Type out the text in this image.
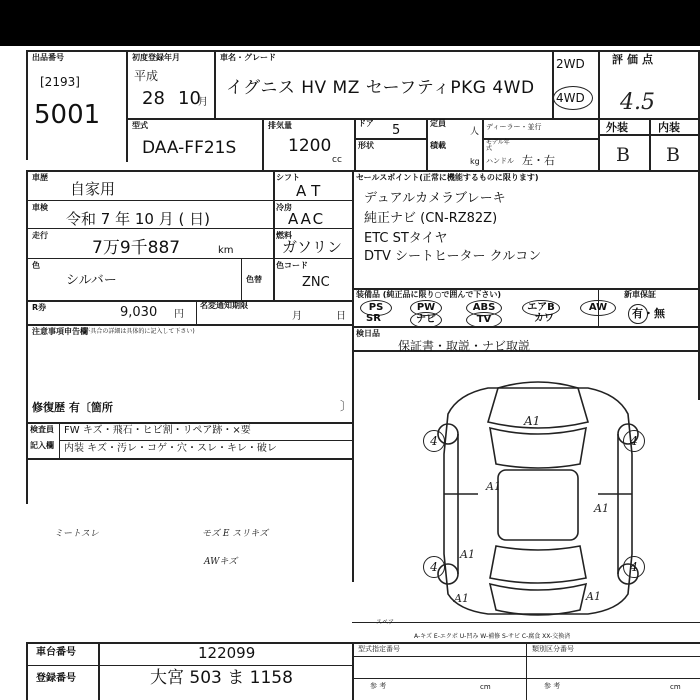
出品番号
[2193]
5001
初度登録年月
平成
28 10
月
車名・グレード
イグニス HV MZ セーフティPKG 4WD
2WD
4WD
評価点
4.5
型式
DAA-FF21S
排気量
1200
cc
ドア 5
形状
定員
人
積載
kg
ディーラー・並行
モデル年式
ハンドル 左・右
外装	内装
B B
車歴
自家用
車検
令和 7 年 10 月 ( 日)
走行
7万9千887	km
色
シルバー	色替
シフト
AT
冷房
AAC
燃料
ガソリン
色コード
ZNC
R券	9,030 円
名変通知期限
月	日
注意事項申告欄
(不具合の詳細は具体的に記入して下さい)
修復歴 有〔箇所	〕
検査員
記入欄
FW キズ・飛石・ヒビ割・リペア跡・×要
内装 キズ・汚レ・コゲ・穴・スレ・キレ・破レ
ミートスレ	モズ E スリキズ
AWキズ
セールスポイント(正常に機能するものに限ります)
デュアルカメラブレーキ
純正ナビ (CN-RZ82Z)
ETC STタイヤ
DTV シートヒーター クルコン
装備品 (純正品に限り○で囲んで下さい)
PS	PW	ABS	エアB	AW
SR	ナビ	TV	カワ
新車保証
有・無
検日品
保証書・取説・ナビ取説
4	4
4	4
A1
A1
A1
A1
A1	A1
スペア
A-キズ E-エクボ U-凹み W-補修 S-サビ C-腐食 XX-交換済
車台番号	122099
登録番号	大宮 503 ま 1158
型式指定番号	類別区分番号
参 考	参 考
cm	cm
